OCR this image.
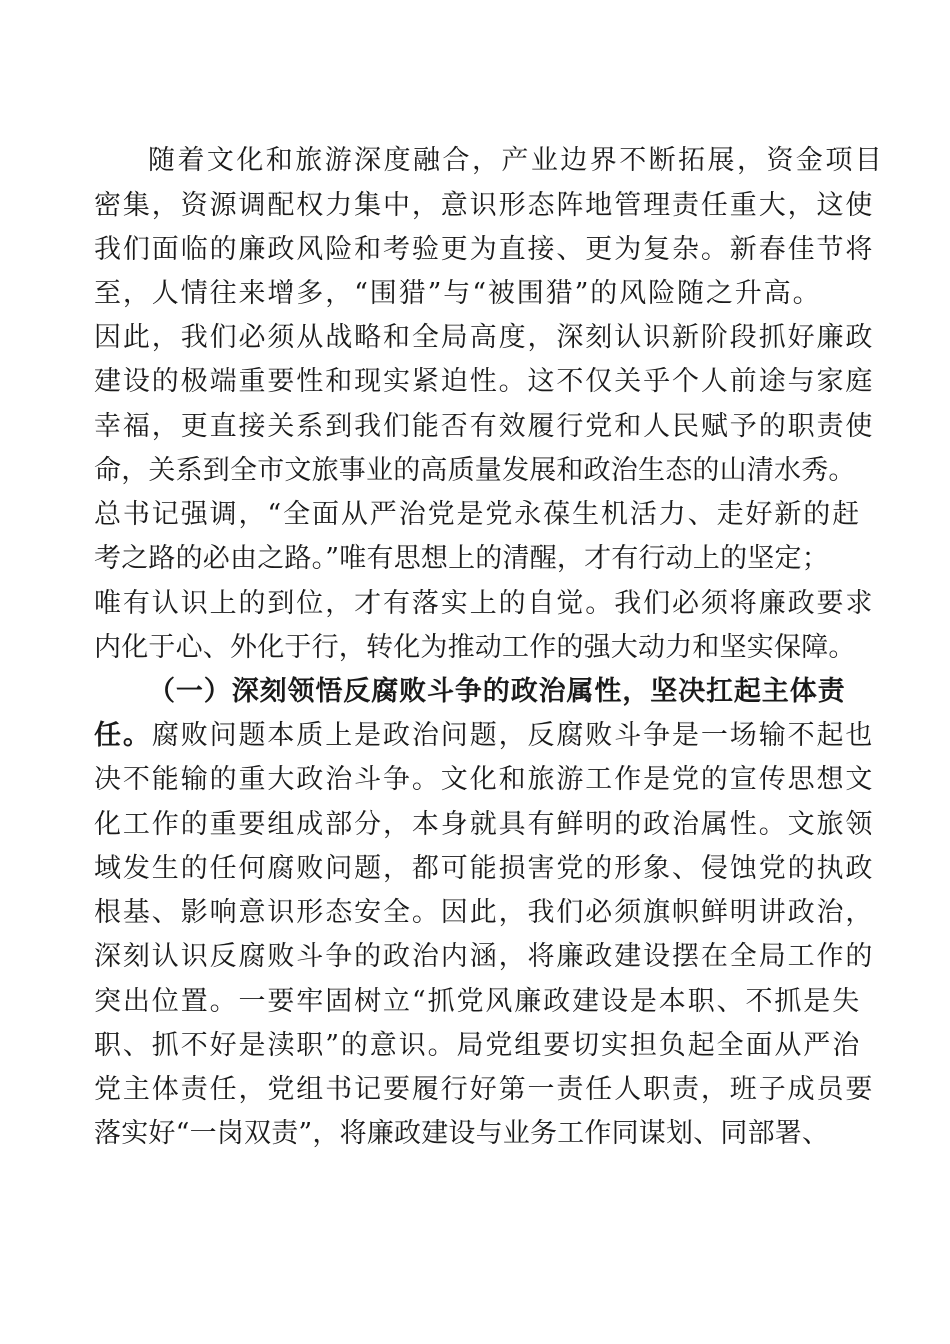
随着文化和旅游深度融合，产业边界不断拓展，资金项目

密集，资源调配权力集中，意识形态阵地管理责任重大，这使

我们面临的廉政风险和考验更为直接、更为复杂。新春佳节将

至，人情往来增多，“围猎”与“被围猎”的风险随之升高。

因此，我们必须从战略和全局高度，深刻认识新阶段抓好廉政

建设的极端重要性和现实紧迫性。这不仅关乎个人前途与家庭

幸福，更直接关系到我们能否有效履行党和人民赋予的职责使

命，关系到全市文旅事业的高质量发展和政治生态的山清水秀。

总书记强调，“全面从严治党是党永葆生机活力、走好新的赶

考之路的必由之路。”唯有思想上的清醒，才有行动上的坚定；

唯有认识上的到位，才有落实上的自觉。我们必须将廉政要求

内化于心、外化于行，转化为推动工作的强大动力和坚实保障。

（一）深刻领悟反腐败斗争的政治属性，坚决扛起主体责

任。腐败问题本质上是政治问题，反腐败斗争是一场输不起也

决不能输的重大政治斗争。文化和旅游工作是党的宣传思想文

化工作的重要组成部分，本身就具有鲜明的政治属性。文旅领

域发生的任何腐败问题，都可能损害党的形象、侵蚀党的执政

根基、影响意识形态安全。因此，我们必须旗帜鲜明讲政治，

深刻认识反腐败斗争的政治内涵，将廉政建设摆在全局工作的

突出位置。一要牢固树立“抓党风廉政建设是本职、不抓是失

职、抓不好是渎职”的意识。局党组要切实担负起全面从严治

党主体责任，党组书记要履行好第一责任人职责，班子成员要

落实好“一岗双责”，将廉政建设与业务工作同谋划、同部署、
